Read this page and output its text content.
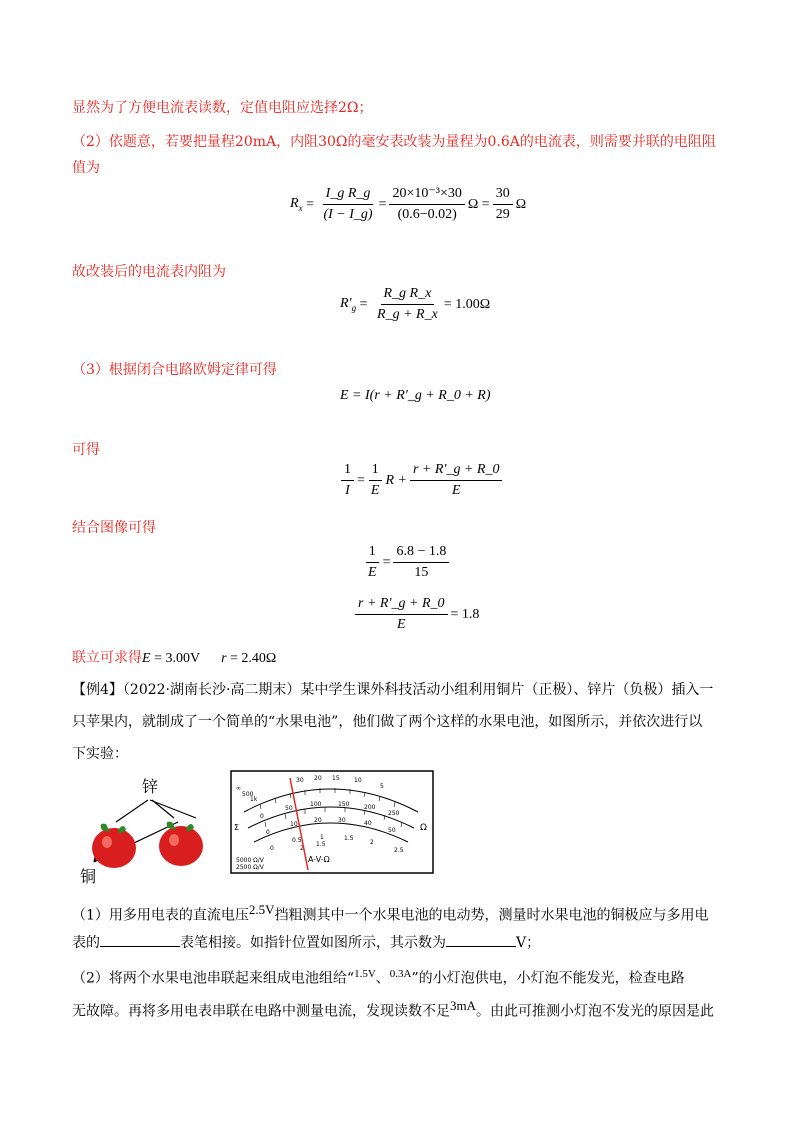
显然为了方便电流表读数，定值电阻应选择2Ω；
（2）依题意，若要把量程20mA，内阻30Ω的毫安表改装为量程为0.6A的电流表，则需要并联的电阻阻
值为
$R_x = \frac{\text{I\_g R\_g}}{(I - I\_g)} = \frac{\text{20×10⁻³×30}}{(0.6-0.02)}$ $\Omega = \frac{30}{29}$ Ω
故改装后的电流表内阻为
$R'_g = \frac{\text{R\_g R\_x}}{R\_g + R\_x} = 1.00\Omega$
（3）根据闭合电路欧姆定律可得
E = I(r + R′_g + R_0 + R)
可得
$\frac{1}{I} = \frac{1}{E}$ $R + \frac{r + R'\_g + R\_0}{E}$
结合图像可得
$\frac{1}{E} = \frac{6.8 - 1.8}{15}$
$\frac{r + R'\_g + R\_0}{E} = 1.8$
联立可求得E = 3.00V      r = 2.40Ω
【例4】（2022·湖南长沙·高二期末）某中学生课外科技活动小组利用铜片（正极）、锌片（负极）插入一
只苹果内，就制成了一个简单的“水果电池”，他们做了两个这样的水果电池，如图所示，并依次进行以
下实验：
锌
铜
∞
500
1k
30 20 15 10
5
Ω
0
50
100	150 200
250
0
10
20	30	40
50
0
0.5	1	1.5
2
2.5
1.5
2
A-V-Ω
5000 Ω/V
2500 Ω/V
Σ
（1）用多用电表的直流电压$^{2.5V}$挡粗测其中一个水果电池的电动势，测量时水果电池的铜极应与多用电
表的	表笔相接。如指针位置如图所示，其示数为	V；
（2）将两个水果电池串联起来组成电池组给“$^{1.5V}$、$^{0.3A}$”的小灯泡供电，小灯泡不能发光，检查电路
无故障。再将多用电表串联在电路中测量电流，发现读数不足$^{3mA}$。由此可推测小灯泡不发光的原因是此
